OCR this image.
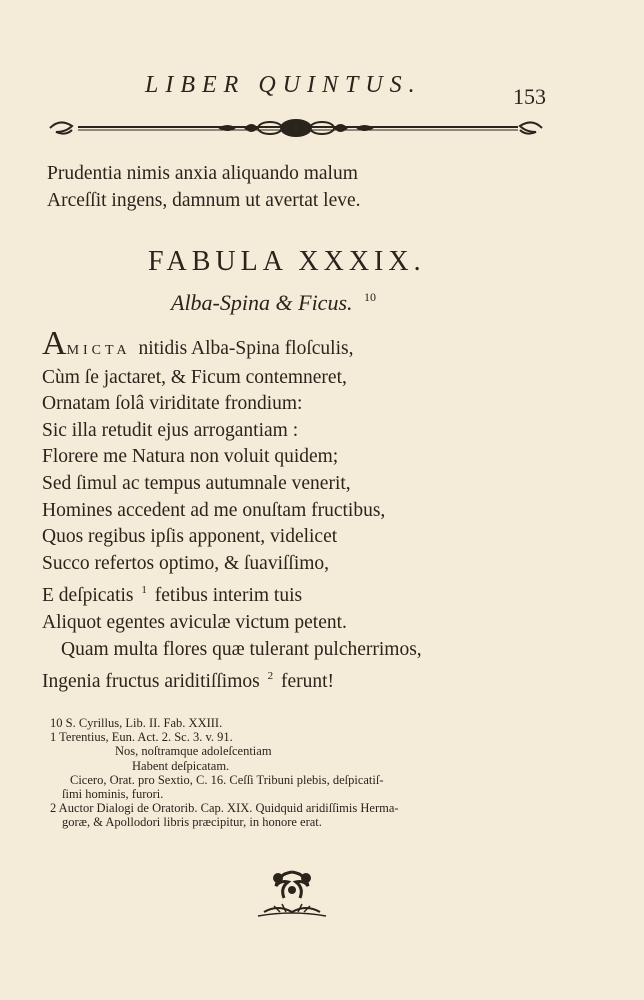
LIBER QUINTUS.	153
Prudentia nimis anxia aliquando malum
Arceſſit ingens, damnum ut avertat leve.
FABULA XXXIX.
Alba-Spina & Ficus. $^{10}$
AMICTA nitidis Alba-Spina floſculis,
Cùm ſe jactaret, & Ficum contemneret,
Ornatam ſolâ viriditate frondium:
Sic illa retudit ejus arrogantiam :
Florere me Natura non voluit quidem;
Sed ſimul ac tempus autumnale venerit,
Homines accedent ad me onuſtam fructibus,
Quos regibus ipſis apponent, videlicet
Succo refertos optimo, & ſuaviſſimo,
E deſpicatis $^1$ fetibus interim tuis
Aliquot egentes aviculæ victum petent.
Quam multa flores quæ tulerant pulcherrimos,
Ingenia fructus ariditiſſimos $^2$ ferunt!
10 S. Cyrillus, Lib. II. Fab. XXIII.
1 Terentius, Eun. Act. 2. Sc. 3. v. 91.
Nos, noſtramque adoleſcentiam
Habent deſpicatam.
Cicero, Orat. pro Sextio, C. 16. Ceſſi Tribuni plebis, deſpicatiſ-
ſimi hominis, furori.
2 Auctor Dialogi de Oratorib. Cap. XIX. Quidquid aridiſſimis Herma-
goræ, & Apollodori libris præcipitur, in honore erat.
